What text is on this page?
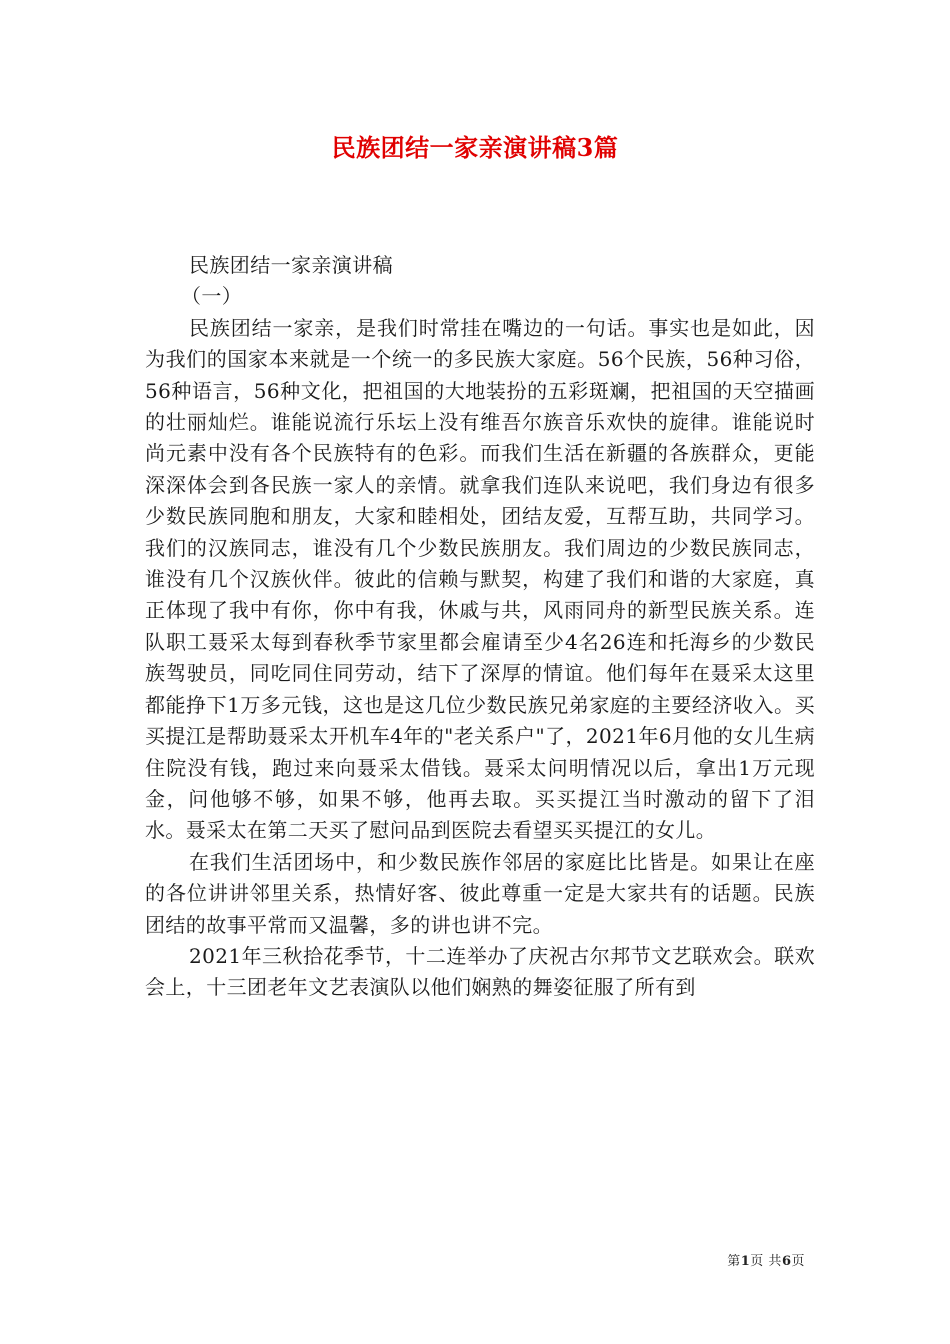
民族团结一家亲演讲稿3篇

民族团结一家亲演讲稿

（一）

民族团结一家亲，是我们时常挂在嘴边的一句话。事实也是如此，因为我们的国家本来就是一个统一的多民族大家庭。56个民族，56种习俗，56种语言，56种文化，把祖国的大地装扮的五彩斑斓，把祖国的天空描画的壮丽灿烂。谁能说流行乐坛上没有维吾尔族音乐欢快的旋律。谁能说时尚元素中没有各个民族特有的色彩。而我们生活在新疆的各族群众，更能深深体会到各民族一家人的亲情。就拿我们连队来说吧，我们身边有很多少数民族同胞和朋友，大家和睦相处，团结友爱，互帮互助，共同学习。我们的汉族同志，谁没有几个少数民族朋友。我们周边的少数民族同志，谁没有几个汉族伙伴。彼此的信赖与默契，构建了我们和谐的大家庭，真正体现了我中有你，你中有我，休戚与共，风雨同舟的新型民族关系。连队职工聂采太每到春秋季节家里都会雇请至少4名26连和托海乡的少数民族驾驶员，同吃同住同劳动，结下了深厚的情谊。他们每年在聂采太这里都能挣下1万多元钱，这也是这几位少数民族兄弟家庭的主要经济收入。买买提江是帮助聂采太开机车4年的"老关系户"了，2021年6月他的女儿生病住院没有钱，跑过来向聂采太借钱。聂采太问明情况以后，拿出1万元现金，问他够不够，如果不够，他再去取。买买提江当时激动的留下了泪水。聂采太在第二天买了慰问品到医院去看望买买提江的女儿。

在我们生活团场中，和少数民族作邻居的家庭比比皆是。如果让在座的各位讲讲邻里关系，热情好客、彼此尊重一定是大家共有的话题。民族团结的故事平常而又温馨，多的讲也讲不完。

2021年三秋拾花季节，十二连举办了庆祝古尔邦节文艺联欢会。联欢会上，十三团老年文艺表演队以他们娴熟的舞姿征服了所有到

第1页 共6页
